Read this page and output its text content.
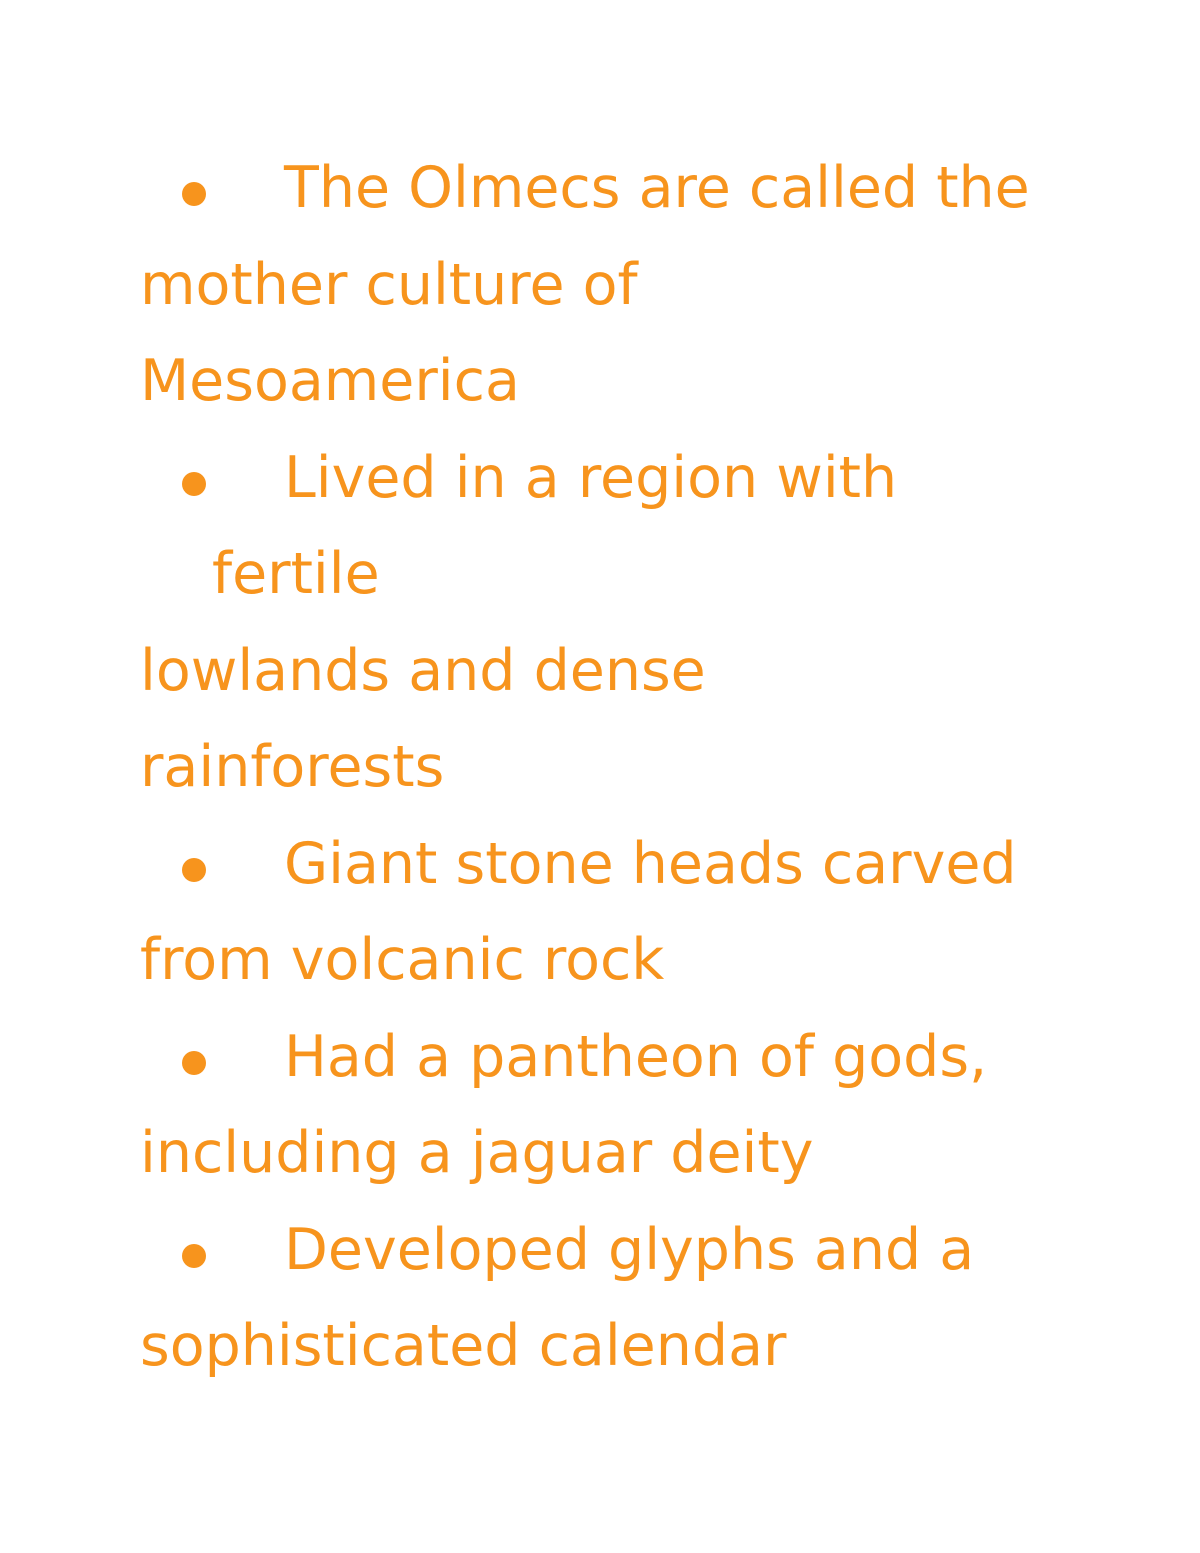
The Olmecs are called the
mother culture of
Mesoamerica

Lived in a region with fertile
lowlands and dense
rainforests

Giant stone heads carved
from volcanic rock

Had a pantheon of gods,
including a jaguar deity

Developed glyphs and a
sophisticated calendar
